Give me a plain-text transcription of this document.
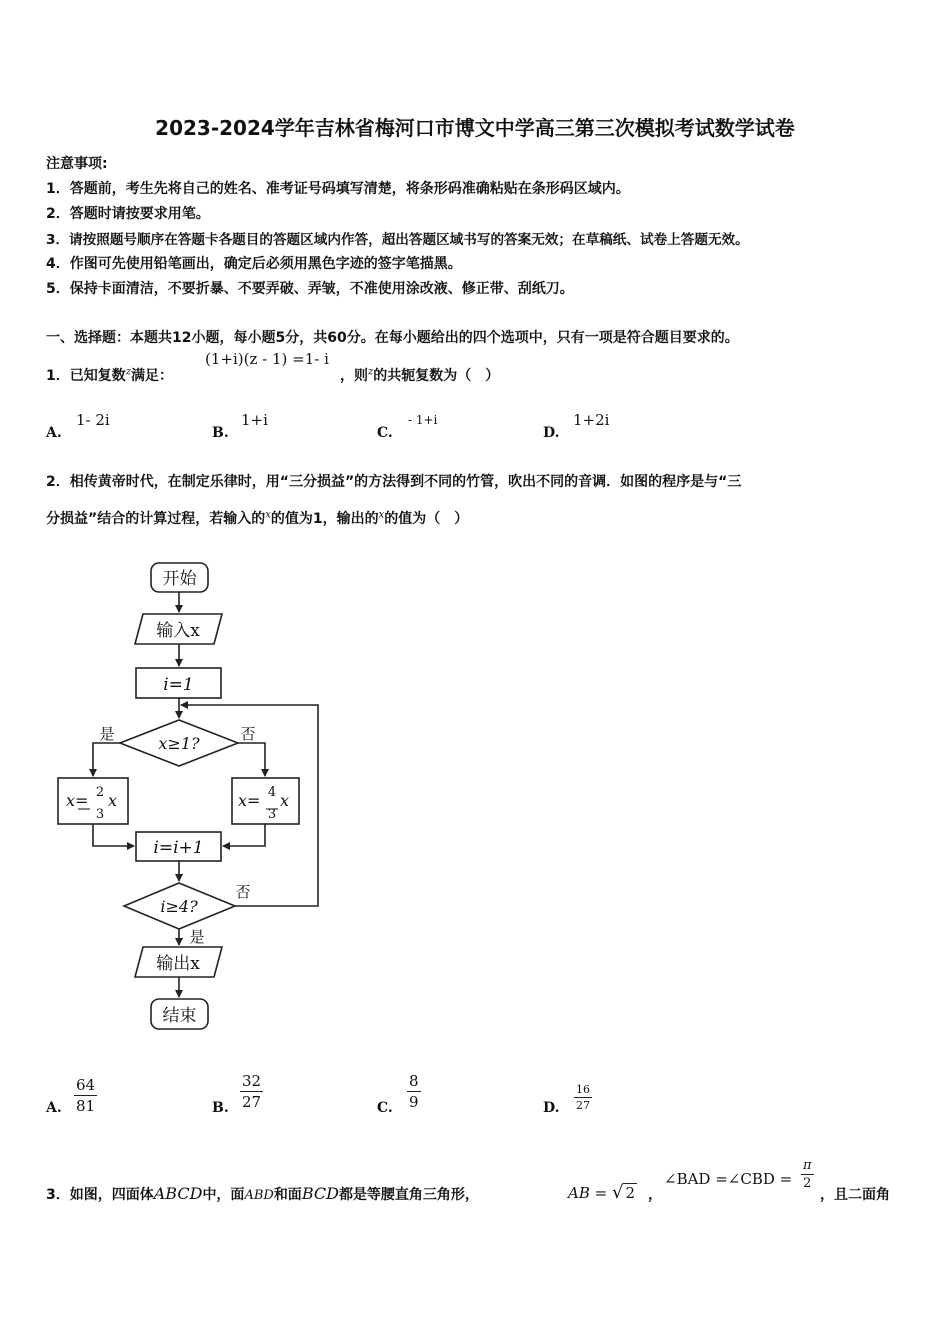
2023-2024学年吉林省梅河口市博文中学高三第三次模拟考试数学试卷
注意事项:
1．答题前，考生先将自己的姓名、准考证号码填写清楚，将条形码准确粘贴在条形码区域内。
2．答题时请按要求用笔。
3．请按照题号顺序在答题卡各题目的答题区域内作答，超出答题区域书写的答案无效；在草稿纸、试卷上答题无效。
4．作图可先使用铅笔画出，确定后必须用黑色字迹的签字笔描黑。
5．保持卡面清洁，不要折暴、不要弄破、弄皱，不准使用涂改液、修正带、刮纸刀。
一、选择题：本题共12小题，每小题5分，共60分。在每小题给出的四个选项中，只有一项是符合题目要求的。
1．已知复数$^z$满足：
(1+i)(z - 1) =1- i
，则$^z$的共轭复数为（　）
A.
1- 2i
B.
1+i
C.
- 1+i
D.
1+2i
2．相传黄帝时代，在制定乐律时，用“三分损益”的方法得到不同的竹管，吹出不同的音调．如图的程序是与“三
分损益”结合的计算过程，若输入的$^x$的值为1，输出的$^x$的值为（　）
开始
输入x
i=1
x≥1?
是	否
x= 2
3
x	x= 4
3
x
i=i+1
i≥4?
否
是
输出x
结束
A. $\frac{64}{81}$	B. $\frac{32}{27}$	C. $\frac{8}{9}$	D. $\frac{16}{27}$
3．如图，四面体ABCD中，面ABD和面BCD都是等腰直角三角形，	AB = √ 2 ，
∠BAD =∠CBD = $\frac{\pi}{2}$
，且二面角
